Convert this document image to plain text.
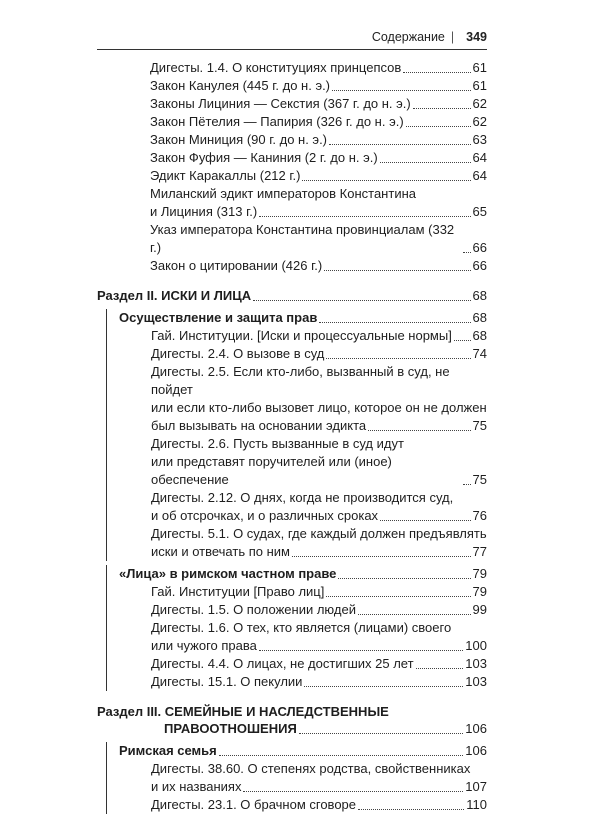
Содержание | 349
Дигесты. 1.4. О конституциях принцепсов	61
Закон Канулея (445 г. до н. э.)	61
Законы Лициния — Секстия (367 г. до н. э.)	62
Закон Пётелия — Папирия (326 г. до н. э.)	62
Закон Миниция (90 г. до н. э.)	63
Закон Фуфия — Каниния (2 г. до н. э.)	64
Эдикт Каракаллы (212 г.)	64
Миланский эдикт императоров Константина
и Лициния (313 г.)	65
Указ императора Константина провинциалам (332 г.)	66
Закон о цитировании (426 г.)	66
Раздел II. ИСКИ И ЛИЦА	68
Осуществление и защита прав	68
Гай. Институции. [Иски и процессуальные нормы] 68
Дигесты. 2.4. О вызове в суд	74
Дигесты. 2.5. Если кто-либо, вызванный в суд, не пойдет
или если кто-либо вызовет лицо, которое он не должен
был вызывать на основании эдикта	75
Дигесты. 2.6. Пусть вызванные в суд идут
или представят поручителей или (иное) обеспечение	75
Дигесты. 2.12. О днях, когда не производится суд,
и об отсрочках, и о различных сроках	76
Дигесты. 5.1. О судах, где каждый должен предъявлять
иски и отвечать по ним	77
«Лица» в римском частном праве	79
Гай. Институции [Право лиц]	79
Дигесты. 1.5. О положении людей	99
Дигесты. 1.6. О тех, кто является (лицами) своего
или чужого права	100
Дигесты. 4.4. О лицах, не достигших 25 лет	103
Дигесты. 15.1. О пекулии	103
Раздел III. СЕМЕЙНЫЕ И НАСЛЕДСТВЕННЫЕ
ПРАВООТНОШЕНИЯ	106
Римская семья	106
Дигесты. 38.60. О степенях родства, свойственниках
и их названиях	107
Дигесты. 23.1. О брачном сговоре	110
